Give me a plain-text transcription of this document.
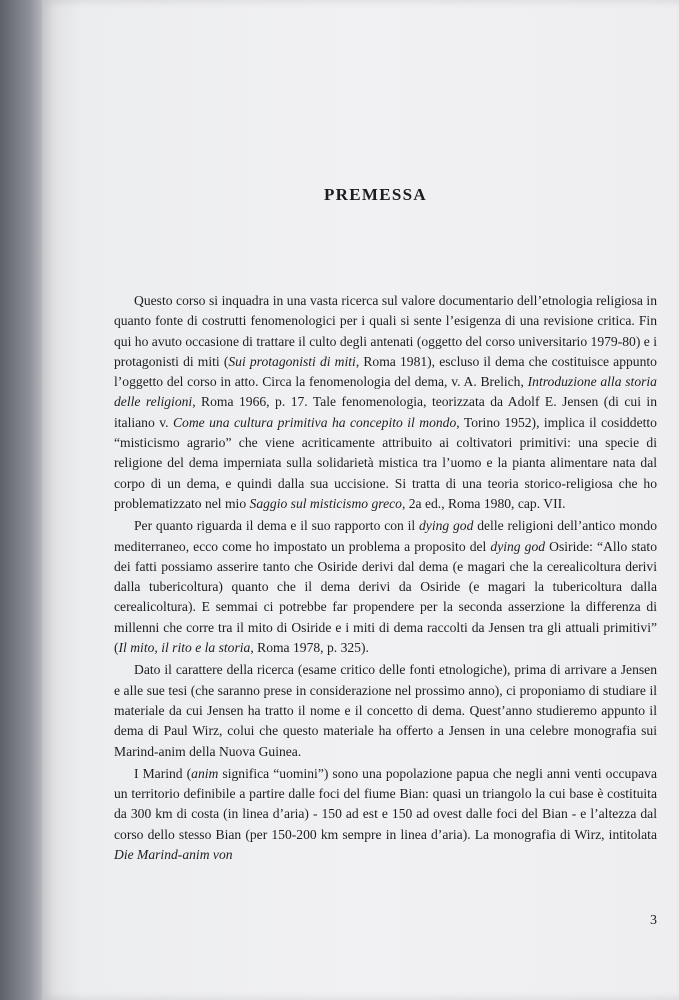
PREMESSA

Questo corso si inquadra in una vasta ricerca sul valore documentario dell’etnologia religiosa in quanto fonte di costrutti fenomenologici per i quali si sente l’esigenza di una revisione critica. Fin qui ho avuto occasione di trattare il culto degli antenati (oggetto del corso universitario 1979-80) e i protagonisti di miti (Sui protagonisti di miti, Roma 1981), escluso il dema che costituisce appunto l’oggetto del corso in atto. Circa la fenomenologia del dema, v. A. Brelich, Introduzione alla storia delle religioni, Roma 1966, p. 17. Tale fenomenologia, teorizzata da Adolf E. Jensen (di cui in italiano v. Come una cultura primitiva ha concepito il mondo, Torino 1952), implica il cosiddetto “misticismo agrario” che viene acriticamente attribuito ai coltivatori primitivi: una specie di religione del dema imperniata sulla solidarietà mistica tra l’uomo e la pianta alimentare nata dal corpo di un dema, e quindi dalla sua uccisione. Si tratta di una teoria storico-religiosa che ho problematizzato nel mio Saggio sul misticismo greco, 2a ed., Roma 1980, cap. VII.

Per quanto riguarda il dema e il suo rapporto con il dying god delle religioni dell’antico mondo mediterraneo, ecco come ho impostato un problema a proposito del dying god Osiride: “Allo stato dei fatti possiamo asserire tanto che Osiride derivi dal dema (e magari che la cerealicoltura derivi dalla tubericoltura) quanto che il dema derivi da Osiride (e magari la tubericoltura dalla cerealicoltura). E semmai ci potrebbe far propendere per la seconda asserzione la differenza di millenni che corre tra il mito di Osiride e i miti di dema raccolti da Jensen tra gli attuali primitivi” (Il mito, il rito e la storia, Roma 1978, p. 325).

Dato il carattere della ricerca (esame critico delle fonti etnologiche), prima di arrivare a Jensen e alle sue tesi (che saranno prese in considerazione nel prossimo anno), ci proponiamo di studiare il materiale da cui Jensen ha tratto il nome e il concetto di dema. Quest’anno studieremo appunto il dema di Paul Wirz, colui che questo materiale ha offerto a Jensen in una celebre monografia sui Marind-anim della Nuova Guinea.

I Marind (anim significa “uomini”) sono una popolazione papua che negli anni venti occupava un territorio definibile a partire dalle foci del fiume Bian: quasi un triangolo la cui base è costituita da 300 km di costa (in linea d’aria) - 150 ad est e 150 ad ovest dalle foci del Bian - e l’altezza dal corso dello stesso Bian (per 150-200 km sempre in linea d’aria). La monografia di Wirz, intitolata Die Marind-anim von

3
